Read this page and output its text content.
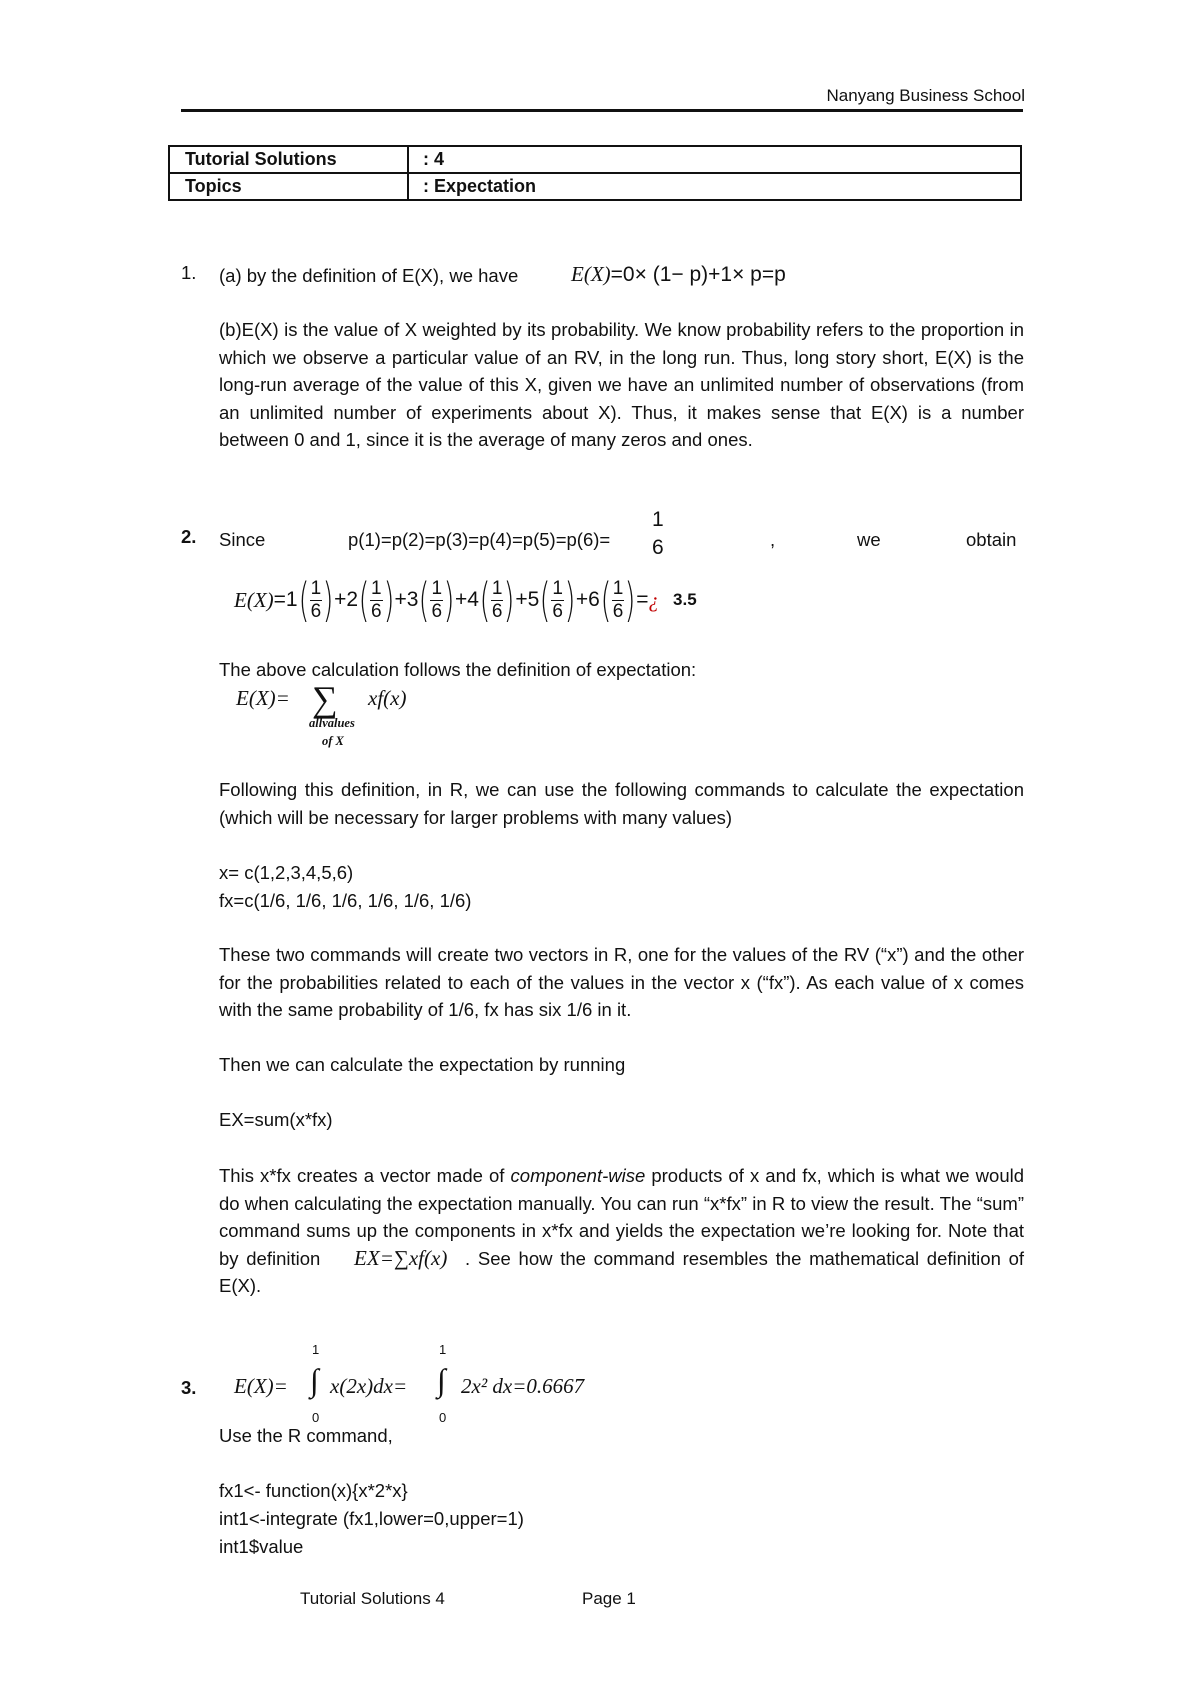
Nanyang Business School
Tutorial Solutions	: 4
Topics	: Expectation
1. (a) by the definition of E(X), we have	E(X)=0× (1− p)+1× p=p
(b)E(X) is the value of X weighted by its probability. We know probability refers to the proportion in which we observe a particular value of an RV, in the long run. Thus, long story short, E(X) is the long-run average of the value of this X, given we have an unlimited number of observations (from an unlimited number of experiments about X). Thus, it makes sense that E(X) is a number between 0 and 1, since it is the average of many zeros and ones.
2. Since	p(1)=p(2)=p(3)=p(4)=p(5)=p(6)=
1
6	,	we	obtain
E(X) = 1 ( $\frac{1}{6}$ ) + 2 ( $\frac{1}{6}$ ) + 3 ( $\frac{1}{6}$ ) + 4 ( $\frac{1}{6}$ ) + 5 ( $\frac{1}{6}$ ) + 6 ( $\frac{1}{6}$ ) = ¿ 3.5
The above calculation follows the definition of expectation:
E(X)= ∑
allvalues
of X
xf(x)
Following this definition, in R, we can use the following commands to calculate the expectation (which will be necessary for larger problems with many values)
x= c(1,2,3,4,5,6)
fx=c(1/6, 1/6, 1/6, 1/6, 1/6, 1/6)
These two commands will create two vectors in R, one for the values of the RV (“x”) and the other for the probabilities related to each of the values in the vector x (“fx”). As each value of x comes with the same probability of 1/6, fx has six 1/6 in it.
Then we can calculate the expectation by running
EX=sum(x*fx)
This x*fx creates a vector made of component-wise products of x and fx, which is what we would do when calculating the expectation manually. You can run “x*fx” in R to view the result. The “sum” command sums up the components in x*fx and yields the expectation we’re looking for. Note that by definition EX=∑xf(x) . See how the command resembles the mathematical definition of E(X).
3. E(X)= ∫
1
0
x(2x)dx= ∫
1
0
2x² dx=0.6667
Use the R command,
fx1<- function(x){x*2*x}
int1<-integrate (fx1,lower=0,upper=1)
int1$value
Tutorial Solutions 4	Page 1
